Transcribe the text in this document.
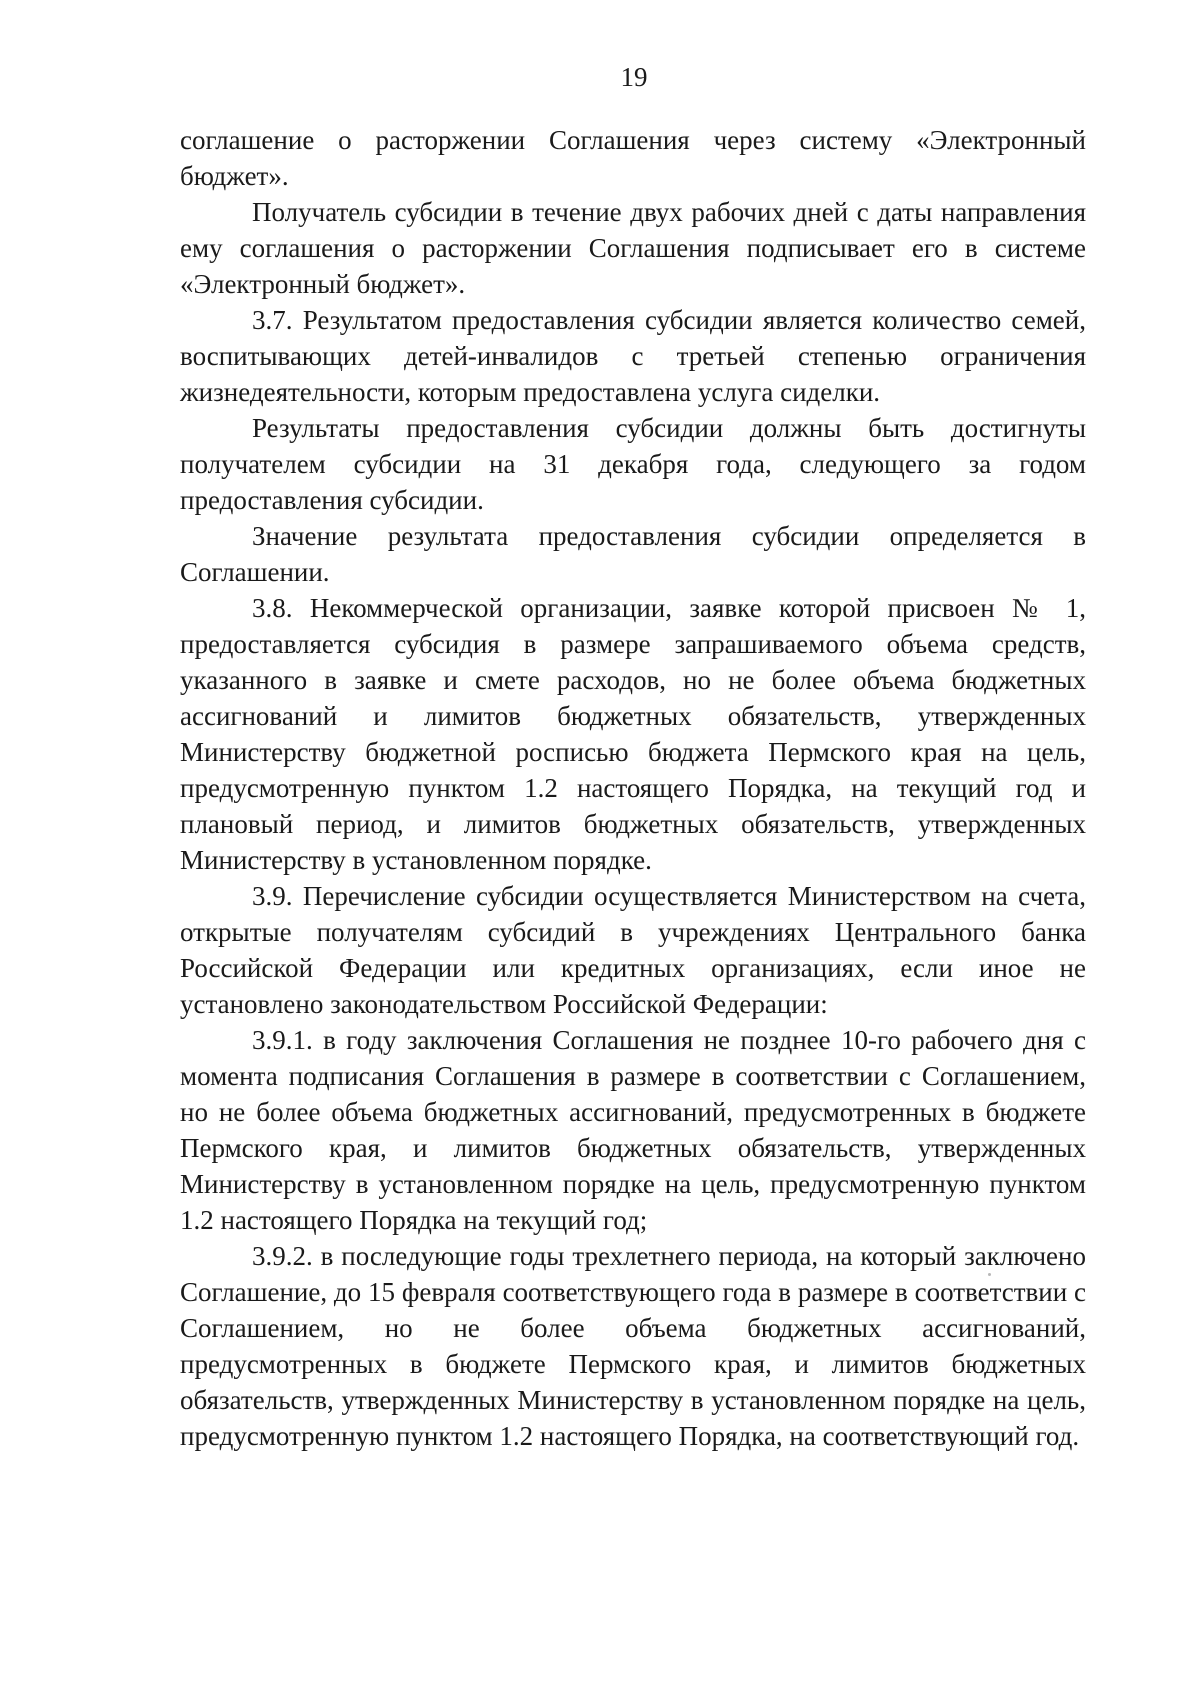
19

соглашение о расторжении Соглашения через систему «Электронный бюджет».

Получатель субсидии в течение двух рабочих дней с даты направления ему соглашения о расторжении Соглашения подписывает его в системе «Электронный бюджет».

3.7. Результатом предоставления субсидии является количество семей, воспитывающих детей-инвалидов с третьей степенью ограничения жизнедеятельности, которым предоставлена услуга сиделки.

Результаты предоставления субсидии должны быть достигнуты получателем субсидии на 31 декабря года, следующего за годом предоставления субсидии.

Значение результата предоставления субсидии определяется в Соглашении.

3.8. Некоммерческой организации, заявке которой присвоен № 1, предоставляется субсидия в размере запрашиваемого объема средств, указанного в заявке и смете расходов, но не более объема бюджетных ассигнований и лимитов бюджетных обязательств, утвержденных Министерству бюджетной росписью бюджета Пермского края на цель, предусмотренную пунктом 1.2 настоящего Порядка, на текущий год и плановый период, и лимитов бюджетных обязательств, утвержденных Министерству в установленном порядке.

3.9. Перечисление субсидии осуществляется Министерством на счета, открытые получателям субсидий в учреждениях Центрального банка Российской Федерации или кредитных организациях, если иное не установлено законодательством Российской Федерации:

3.9.1. в году заключения Соглашения не позднее 10-го рабочего дня с момента подписания Соглашения в размере в соответствии с Соглашением, но не более объема бюджетных ассигнований, предусмотренных в бюджете Пермского края, и лимитов бюджетных обязательств, утвержденных Министерству в установленном порядке на цель, предусмотренную пунктом 1.2 настоящего Порядка на текущий год;

3.9.2. в последующие годы трехлетнего периода, на который заключено Соглашение, до 15 февраля соответствующего года в размере в соответствии с Соглашением, но не более объема бюджетных ассигнований, предусмотренных в бюджете Пермского края, и лимитов бюджетных обязательств, утвержденных Министерству в установленном порядке на цель, предусмотренную пунктом 1.2 настоящего Порядка, на соответствующий год.
